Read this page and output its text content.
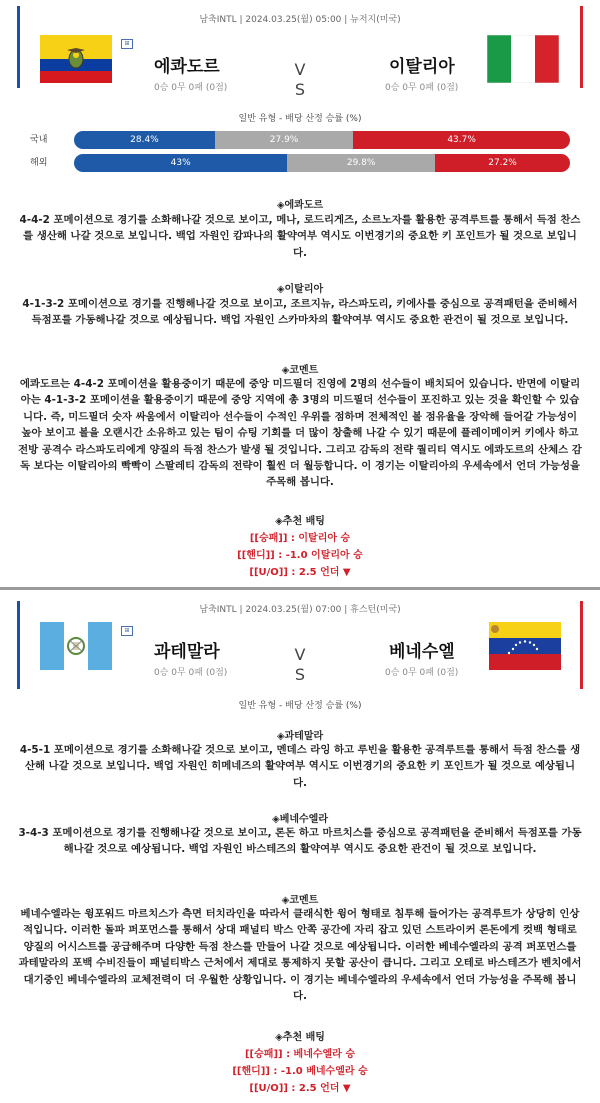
남축INTL | 2024.03.25(월) 05:00 | 뉴저지(미국)
⊞
에콰도르
0승 0무 0패 (0점)
V
S
이탈리아
0승 0무 0패 (0점)
일반 유형 - 배당 산정 승률 (%)
국내	28.4%	27.9%	43.7%
해외	43%	29.8%	27.2%
◈에콰도르
4-4-2 포메이션으로 경기를 소화해나갈 것으로 보이고, 메나, 로드리게즈, 소르노자를 활용한 공격루트를 통해서 득점 찬스를 생산해 나갈 것으로 보입니다. 백업 자원인 캄파나의 활약여부 역시도 이번경기의 중요한 키 포인트가 될 것으로 보입니다.
◈이탈리아
4-1-3-2 포메이션으로 경기를 진행해나갈 것으로 보이고, 조르지뉴, 라스파도리, 키에사를 중심으로 공격패턴을 준비해서 득점포를 가동해나갈 것으로 예상됩니다. 백업 자원인 스카마차의 활약여부 역시도 중요한 관건이 될 것으로 보입니다.
◈코멘트
에콰도르는 4-4-2 포메이션을 활용중이기 때문에 중앙 미드필더 진영에 2명의 선수들이 배치되어 있습니다. 반면에 이탈리아는 4-1-3-2 포메이션을 활용중이기 때문에 중앙 지역에 총 3명의 미드필더 선수들이 포진하고 있는 것을 확인할 수 있습니다. 즉, 미드필더 숫자 싸움에서 이탈리아 선수들이 수적인 우위를 점하며 전체적인 볼 점유율을 장악해 들어갈 가능성이 높아 보이고 볼을 오랜시간 소유하고 있는 팀이 슈팅 기회를 더 많이 창출해 나갈 수 있기 때문에 플레이메이커 키에사 하고 전방 공격수 라스파도리에게 양질의 득점 찬스가 발생 될 것입니다. 그리고 감독의 전략 퀄리티 역시도 에콰도르의 산체스 감독 보다는 이탈리아의 빡빡이 스팔레티 감독의 전략이 훨씬 더 월등합니다. 이 경기는 이탈리아의 우세속에서 언더 가능성을 주목해 봅니다.
◈추천 배팅
[[승패]] : 이탈리아 승
[[핸디]] : -1.0 이탈리아 승
[[U/O]] : 2.5 언더 ▼
남축INTL | 2024.03.25(월) 07:00 | 휴스턴(미국)
⊞
과테말라
0승 0무 0패 (0점)
V
S
베네수엘
0승 0무 0패 (0점)
일반 유형 - 배당 산정 승률 (%)
◈과테말라
4-5-1 포메이션으로 경기를 소화해나갈 것으로 보이고, 멘데스 라잉 하고 루빈을 활용한 공격루트를 통해서 득점 찬스를 생산해 나갈 것으로 보입니다. 백업 자원인 히메네즈의 활약여부 역시도 이번경기의 중요한 키 포인트가 될 것으로 예상됩니다.
◈베네수엘라
3-4-3 포메이션으로 경기를 진행해나갈 것으로 보이고, 론돈 하고 마르치스를 중심으로 공격패턴을 준비해서 득점포를 가동해나갈 것으로 예상됩니다. 백업 자원인 바스테즈의 활약여부 역시도 중요한 관건이 될 것으로 보입니다.
◈코멘트
베네수엘라는 윙포워드 마르치스가 측면 터치라인을 따라서 클래식한 윙어 형태로 침투해 들어가는 공격루트가 상당히 인상적입니다. 이러한 돌파 퍼포먼스를 통해서 상대 패널티 박스 안쪽 공간에 자리 잡고 있던 스트라이커 론돈에게 컷백 형태로 양질의 어시스트를 공급해주며 다양한 득점 찬스를 만들어 나갈 것으로 예상됩니다. 이러한 베네수엘라의 공격 퍼포먼스를 과테말라의 포백 수비진들이 패널티박스 근처에서 제대로 통제하지 못할 공산이 큽니다. 그리고 오테로 바스테즈가 벤치에서 대기중인 베네수엘라의 교체전력이 더 우월한 상황입니다. 이 경기는 베네수엘라의 우세속에서 언더 가능성을 주목해 봅니다.
◈추천 배팅
[[승패]] : 베네수엘라 승
[[핸디]] : -1.0 베네수엘라 승
[[U/O]] : 2.5 언더 ▼
